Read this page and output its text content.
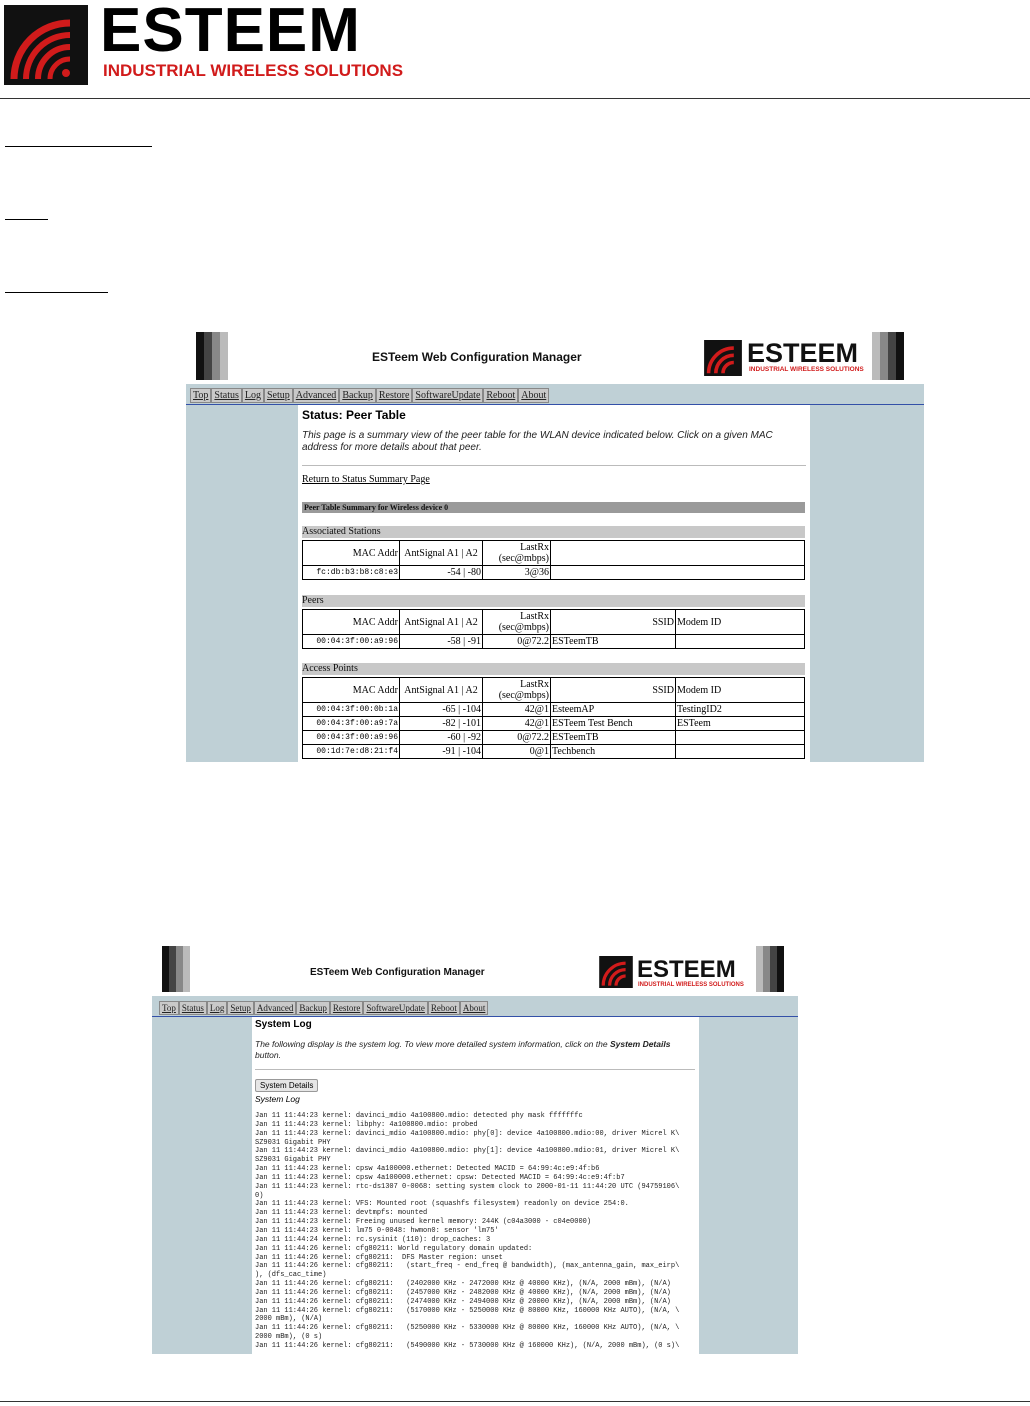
ESTEEM
INDUSTRIAL WIRELESS SOLUTIONS
ESTeem Web Configuration Manager	ESTEEM
INDUSTRIAL WIRELESS SOLUTIONS
Top Status Log Setup Advanced Backup Restore SoftwareUpdate Reboot About
Status: Peer Table
This page is a summary view of the peer table for the WLAN device indicated below. Click on a given MAC address for more details about that peer.
Return to Status Summary Page
Peer Table Summary for Wireless device 0
Associated Stations
MAC Addr	AntSignal A1 | A2	LastRx (sec@mbps)	
fc:db:b3:b8:c8:e3	-54 | -80	3@36	
Peers
MAC Addr	AntSignal A1 | A2	LastRx (sec@mbps)	SSID	Modem ID
00:04:3f:00:a9:96	-58 | -91	0@72.2	ESTeemTB	
Access Points
MAC Addr	AntSignal A1 | A2	LastRx (sec@mbps)	SSID	Modem ID
00:04:3f:00:0b:1a	-65 | -104	42@1	EsteemAP	TestingID2
00:04:3f:00:a9:7a	-82 | -101	42@1	ESTeem Test Bench	ESTeem
00:04:3f:00:a9:96	-60 | -92	0@72.2	ESTeemTB	
00:1d:7e:d8:21:f4	-91 | -104	0@1	Techbench	
ESTeem Web Configuration Manager	ESTEEM
INDUSTRIAL WIRELESS SOLUTIONS
Top Status Log Setup Advanced Backup Restore SoftwareUpdate Reboot About
System Log
The following display is the system log. To view more detailed system information, click on the System Details button.
System Details
System Log
Jan 11 11:44:23 kernel: davinci_mdio 4a100800.mdio: detected phy mask fffffffc
Jan 11 11:44:23 kernel: libphy: 4a100800.mdio: probed
Jan 11 11:44:23 kernel: davinci_mdio 4a100800.mdio: phy[0]: device 4a100800.mdio:00, driver Micrel K\
SZ9031 Gigabit PHY
Jan 11 11:44:23 kernel: davinci_mdio 4a100800.mdio: phy[1]: device 4a100800.mdio:01, driver Micrel K\
SZ9031 Gigabit PHY
Jan 11 11:44:23 kernel: cpsw 4a100000.ethernet: Detected MACID = 64:99:4c:e9:4f:b6
Jan 11 11:44:23 kernel: cpsw 4a100000.ethernet: cpsw: Detected MACID = 64:99:4c:e9:4f:b7
Jan 11 11:44:23 kernel: rtc-ds1307 0-0068: setting system clock to 2000-01-11 11:44:20 UTC (94759106\
0)
Jan 11 11:44:23 kernel: VFS: Mounted root (squashfs filesystem) readonly on device 254:0.
Jan 11 11:44:23 kernel: devtmpfs: mounted
Jan 11 11:44:23 kernel: Freeing unused kernel memory: 244K (c04a3000 - c04e0000)
Jan 11 11:44:23 kernel: lm75 0-0048: hwmon0: sensor 'lm75'
Jan 11 11:44:24 kernel: rc.sysinit (110): drop_caches: 3
Jan 11 11:44:26 kernel: cfg80211: World regulatory domain updated:
Jan 11 11:44:26 kernel: cfg80211:  DFS Master region: unset
Jan 11 11:44:26 kernel: cfg80211:   (start_freq - end_freq @ bandwidth), (max_antenna_gain, max_eirp\
), (dfs_cac_time)
Jan 11 11:44:26 kernel: cfg80211:   (2402000 KHz - 2472000 KHz @ 40000 KHz), (N/A, 2000 mBm), (N/A)
Jan 11 11:44:26 kernel: cfg80211:   (2457000 KHz - 2482000 KHz @ 40000 KHz), (N/A, 2000 mBm), (N/A)
Jan 11 11:44:26 kernel: cfg80211:   (2474000 KHz - 2494000 KHz @ 20000 KHz), (N/A, 2000 mBm), (N/A)
Jan 11 11:44:26 kernel: cfg80211:   (5170000 KHz - 5250000 KHz @ 80000 KHz, 160000 KHz AUTO), (N/A, \
2000 mBm), (N/A)
Jan 11 11:44:26 kernel: cfg80211:   (5250000 KHz - 5330000 KHz @ 80000 KHz, 160000 KHz AUTO), (N/A, \
2000 mBm), (0 s)
Jan 11 11:44:26 kernel: cfg80211:   (5490000 KHz - 5730000 KHz @ 160000 KHz), (N/A, 2000 mBm), (0 s)\
